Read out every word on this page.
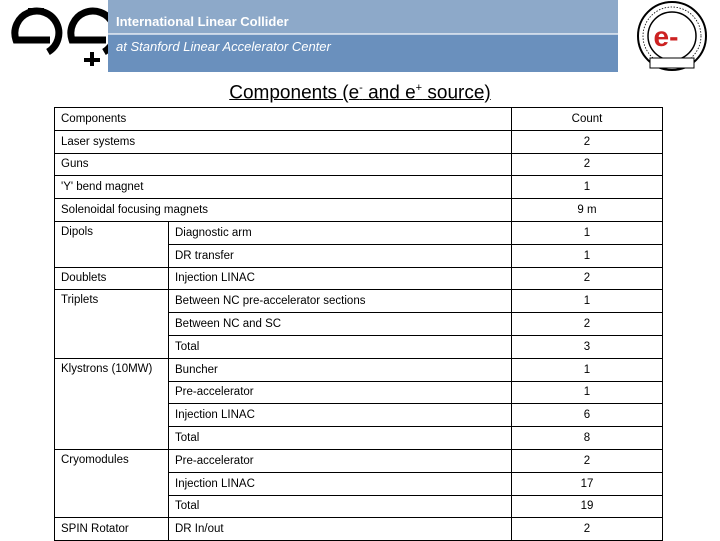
International Linear Collider
at Stanford Linear Accelerator Center	e-
Components (e- and e+ source)
Components		Count
Laser systems		2
Guns		2
'Y' bend magnet		1
Solenoidal focusing magnets		9 m
Dipols	Diagnostic arm	1
	DR transfer	1
Doublets	Injection LINAC	2
Triplets	Between NC pre-accelerator sections	1
	Between NC and SC	2
	Total	3
Klystrons (10MW)	Buncher	1
	Pre-accelerator	1
	Injection LINAC	6
	Total	8
Cryomodules	Pre-accelerator	2
	Injection LINAC	17
	Total	19
SPIN Rotator	DR In/out	2
